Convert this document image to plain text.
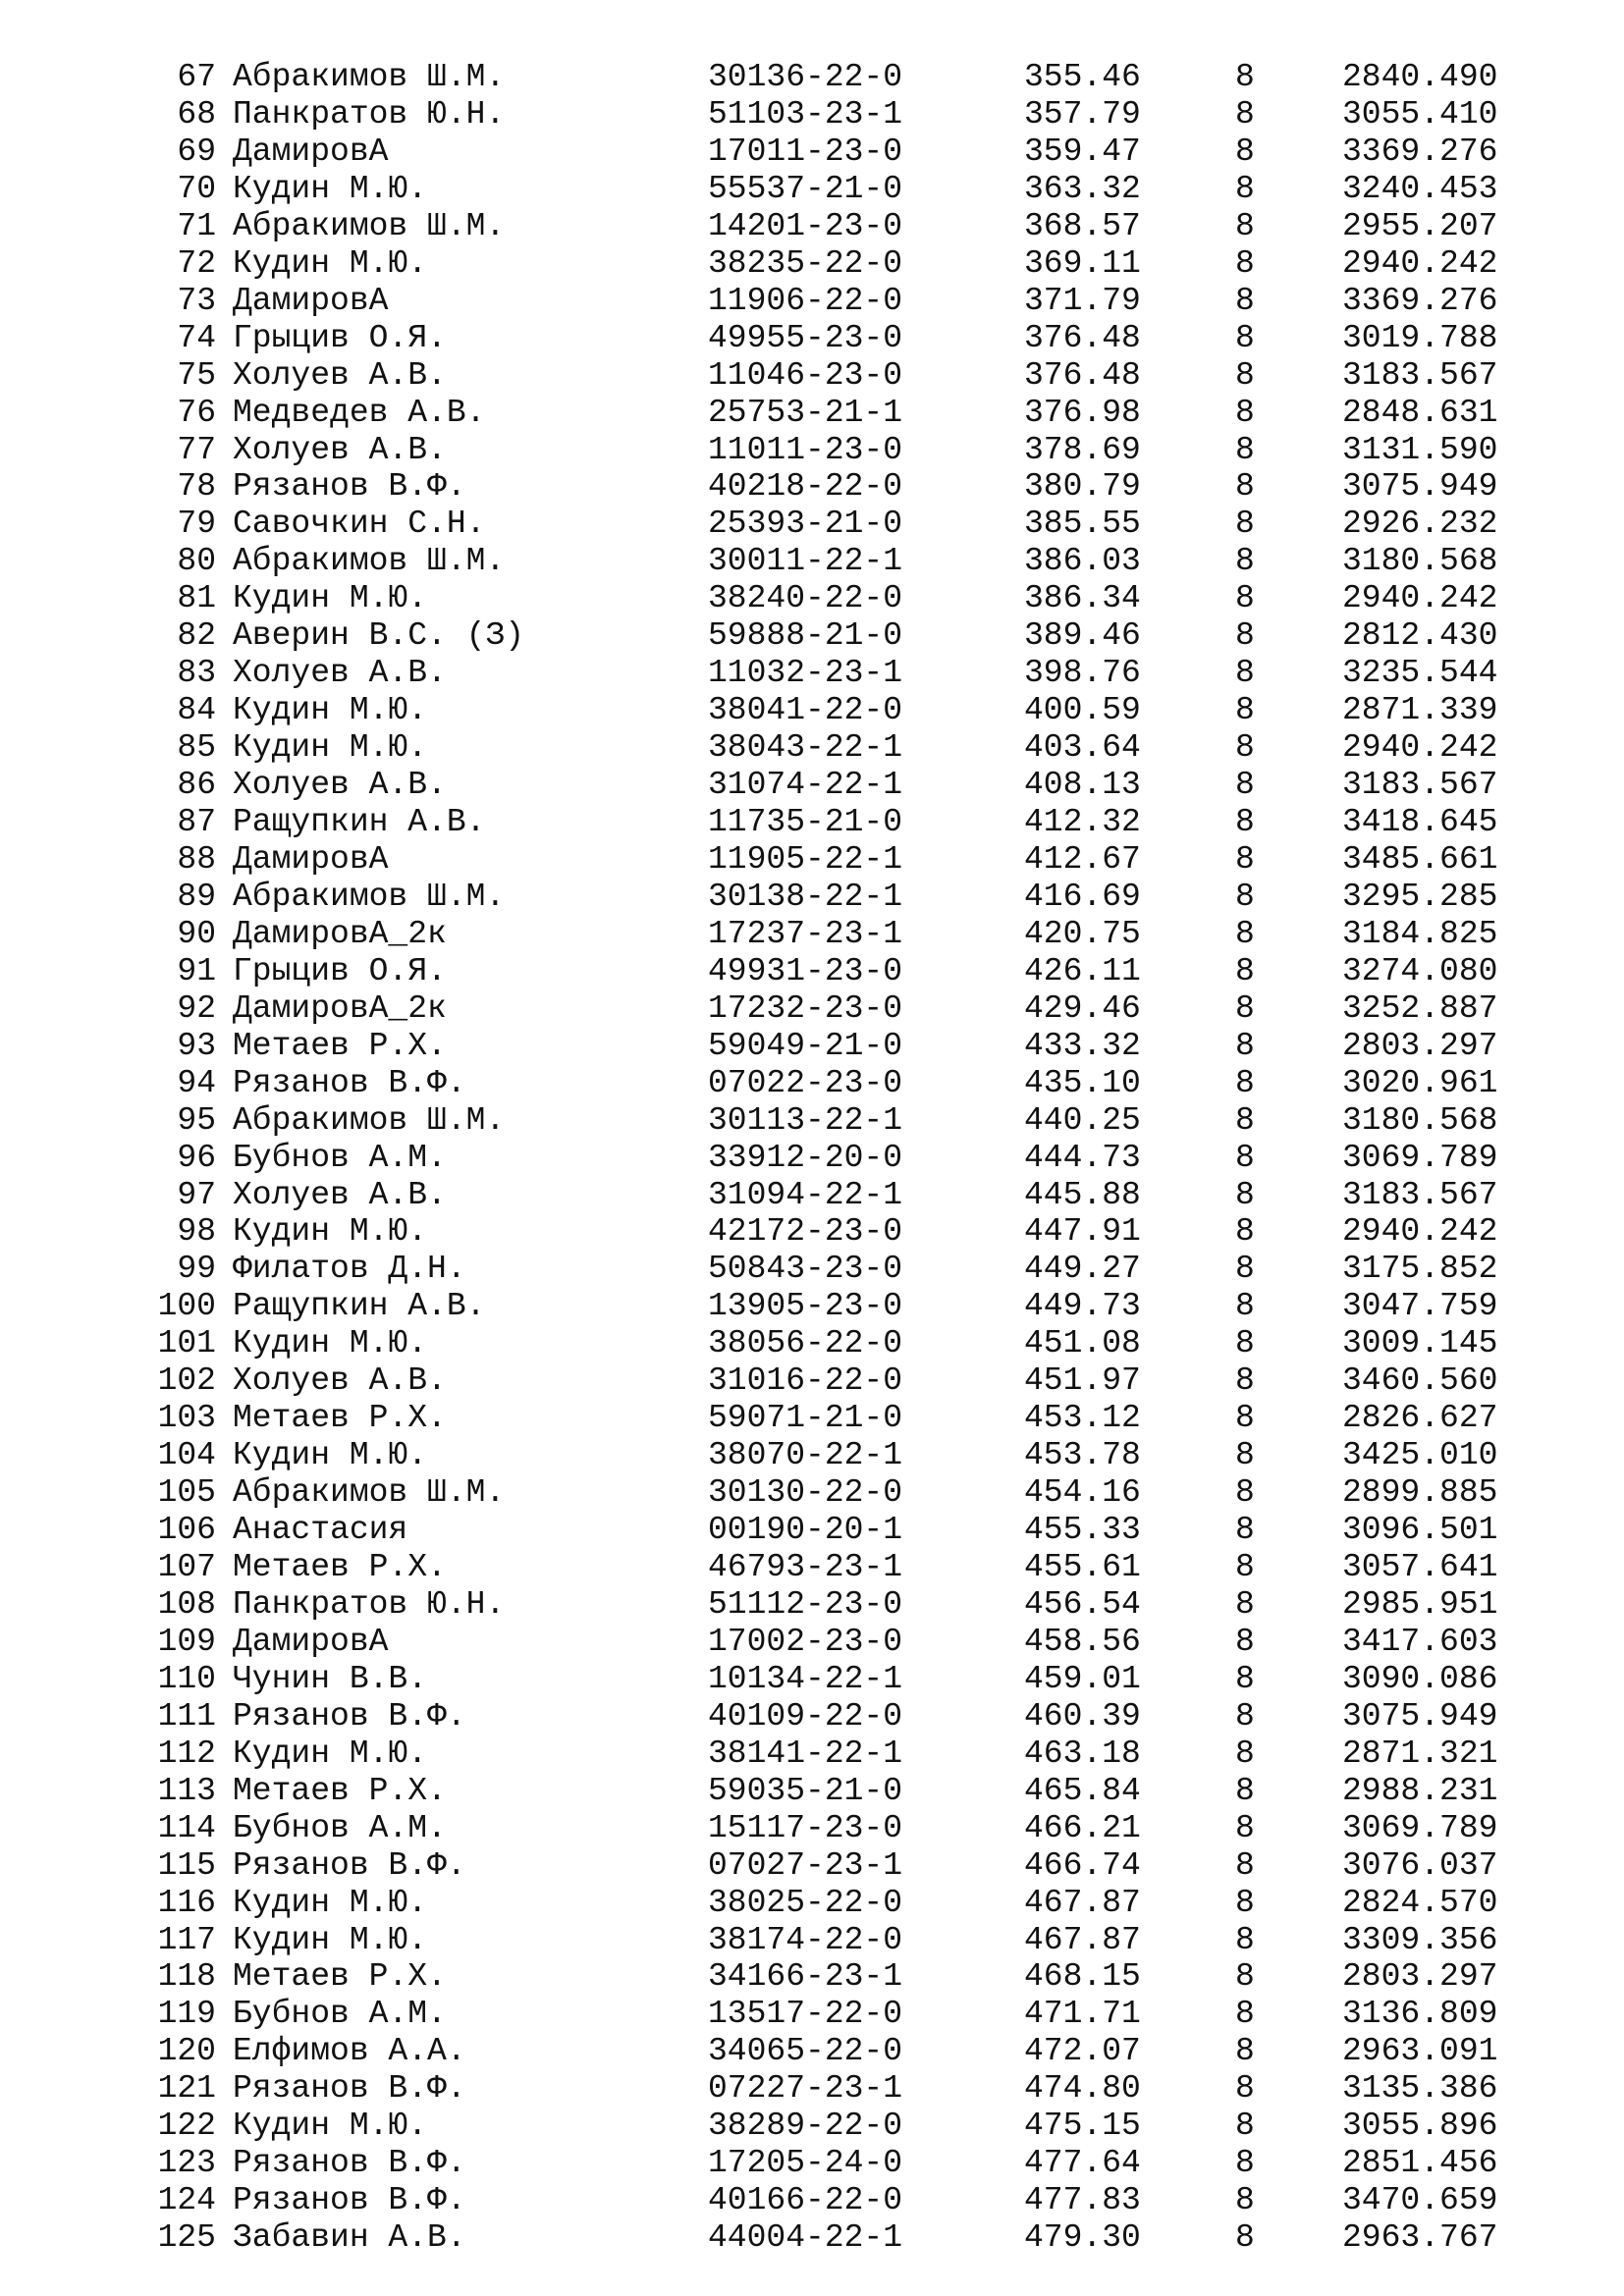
67 Абракимов Ш.М.	30136-22-0	355.46	8	2840.490
68 Панкратов Ю.Н.	51103-23-1	357.79	8	3055.410
69 ДамировА	17011-23-0	359.47	8	3369.276
70 Кудин М.Ю.	55537-21-0	363.32	8	3240.453
71 Абракимов Ш.М.	14201-23-0	368.57	8	2955.207
72 Кудин М.Ю.	38235-22-0	369.11	8	2940.242
73 ДамировА	11906-22-0	371.79	8	3369.276
74 Грыцив О.Я.	49955-23-0	376.48	8	3019.788
75 Холуев А.В.	11046-23-0	376.48	8	3183.567
76 Медведев А.В.	25753-21-1	376.98	8	2848.631
77 Холуев А.В.	11011-23-0	378.69	8	3131.590
78 Рязанов В.Ф.	40218-22-0	380.79	8	3075.949
79 Савочкин С.Н.	25393-21-0	385.55	8	2926.232
80 Абракимов Ш.М.	30011-22-1	386.03	8	3180.568
81 Кудин М.Ю.	38240-22-0	386.34	8	2940.242
82 Аверин В.С. (З)	59888-21-0	389.46	8	2812.430
83 Холуев А.В.	11032-23-1	398.76	8	3235.544
84 Кудин М.Ю.	38041-22-0	400.59	8	2871.339
85 Кудин М.Ю.	38043-22-1	403.64	8	2940.242
86 Холуев А.В.	31074-22-1	408.13	8	3183.567
87 Ращупкин А.В.	11735-21-0	412.32	8	3418.645
88 ДамировА	11905-22-1	412.67	8	3485.661
89 Абракимов Ш.М.	30138-22-1	416.69	8	3295.285
90 ДамировА_2к	17237-23-1	420.75	8	3184.825
91 Грыцив О.Я.	49931-23-0	426.11	8	3274.080
92 ДамировА_2к	17232-23-0	429.46	8	3252.887
93 Метаев Р.Х.	59049-21-0	433.32	8	2803.297
94 Рязанов В.Ф.	07022-23-0	435.10	8	3020.961
95 Абракимов Ш.М.	30113-22-1	440.25	8	3180.568
96 Бубнов А.М.	33912-20-0	444.73	8	3069.789
97 Холуев А.В.	31094-22-1	445.88	8	3183.567
98 Кудин М.Ю.	42172-23-0	447.91	8	2940.242
99 Филатов Д.Н.	50843-23-0	449.27	8	3175.852
100 Ращупкин А.В.	13905-23-0	449.73	8	3047.759
101 Кудин М.Ю.	38056-22-0	451.08	8	3009.145
102 Холуев А.В.	31016-22-0	451.97	8	3460.560
103 Метаев Р.Х.	59071-21-0	453.12	8	2826.627
104 Кудин М.Ю.	38070-22-1	453.78	8	3425.010
105 Абракимов Ш.М.	30130-22-0	454.16	8	2899.885
106 Анастасия	00190-20-1	455.33	8	3096.501
107 Метаев Р.Х.	46793-23-1	455.61	8	3057.641
108 Панкратов Ю.Н.	51112-23-0	456.54	8	2985.951
109 ДамировА	17002-23-0	458.56	8	3417.603
110 Чунин В.В.	10134-22-1	459.01	8	3090.086
111 Рязанов В.Ф.	40109-22-0	460.39	8	3075.949
112 Кудин М.Ю.	38141-22-1	463.18	8	2871.321
113 Метаев Р.Х.	59035-21-0	465.84	8	2988.231
114 Бубнов А.М.	15117-23-0	466.21	8	3069.789
115 Рязанов В.Ф.	07027-23-1	466.74	8	3076.037
116 Кудин М.Ю.	38025-22-0	467.87	8	2824.570
117 Кудин М.Ю.	38174-22-0	467.87	8	3309.356
118 Метаев Р.Х.	34166-23-1	468.15	8	2803.297
119 Бубнов А.М.	13517-22-0	471.71	8	3136.809
120 Елфимов А.А.	34065-22-0	472.07	8	2963.091
121 Рязанов В.Ф.	07227-23-1	474.80	8	3135.386
122 Кудин М.Ю.	38289-22-0	475.15	8	3055.896
123 Рязанов В.Ф.	17205-24-0	477.64	8	2851.456
124 Рязанов В.Ф.	40166-22-0	477.83	8	3470.659
125 Забавин А.В.	44004-22-1	479.30	8	2963.767
